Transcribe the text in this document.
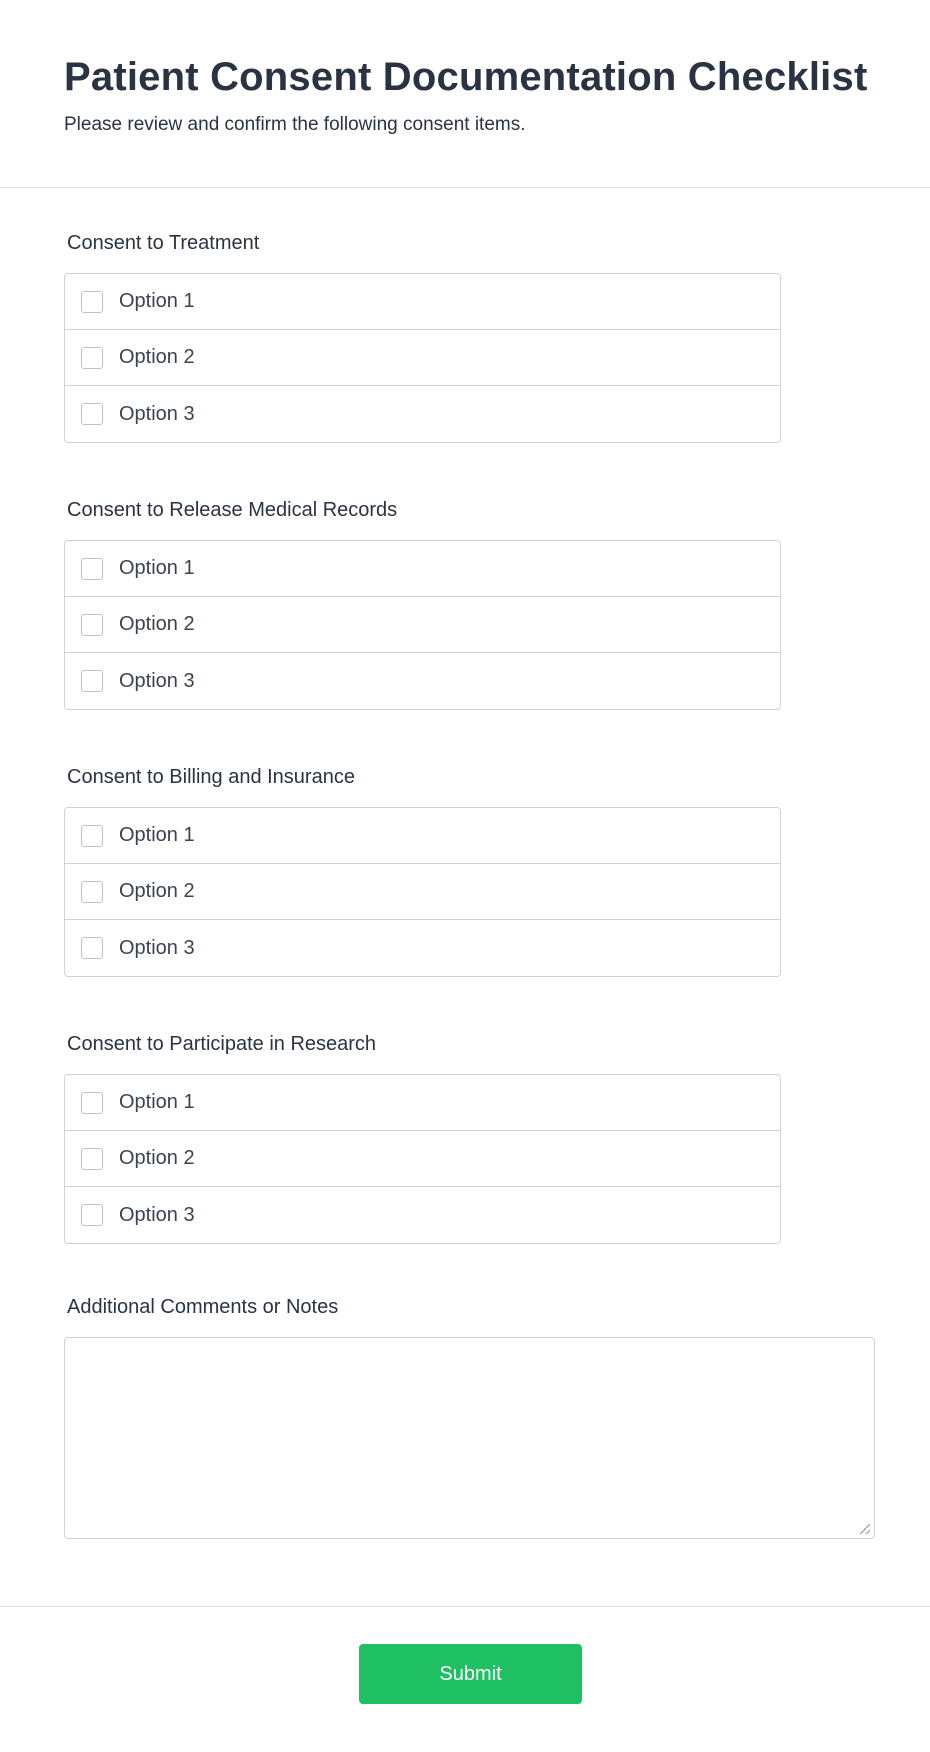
Patient Consent Documentation Checklist

Please review and confirm the following consent items.

Consent to Treatment
Option 1
Option 2
Option 3
Consent to Release Medical Records
Option 1
Option 2
Option 3
Consent to Billing and Insurance
Option 1
Option 2
Option 3
Consent to Participate in Research
Option 1
Option 2
Option 3
Additional Comments or Notes
Submit
